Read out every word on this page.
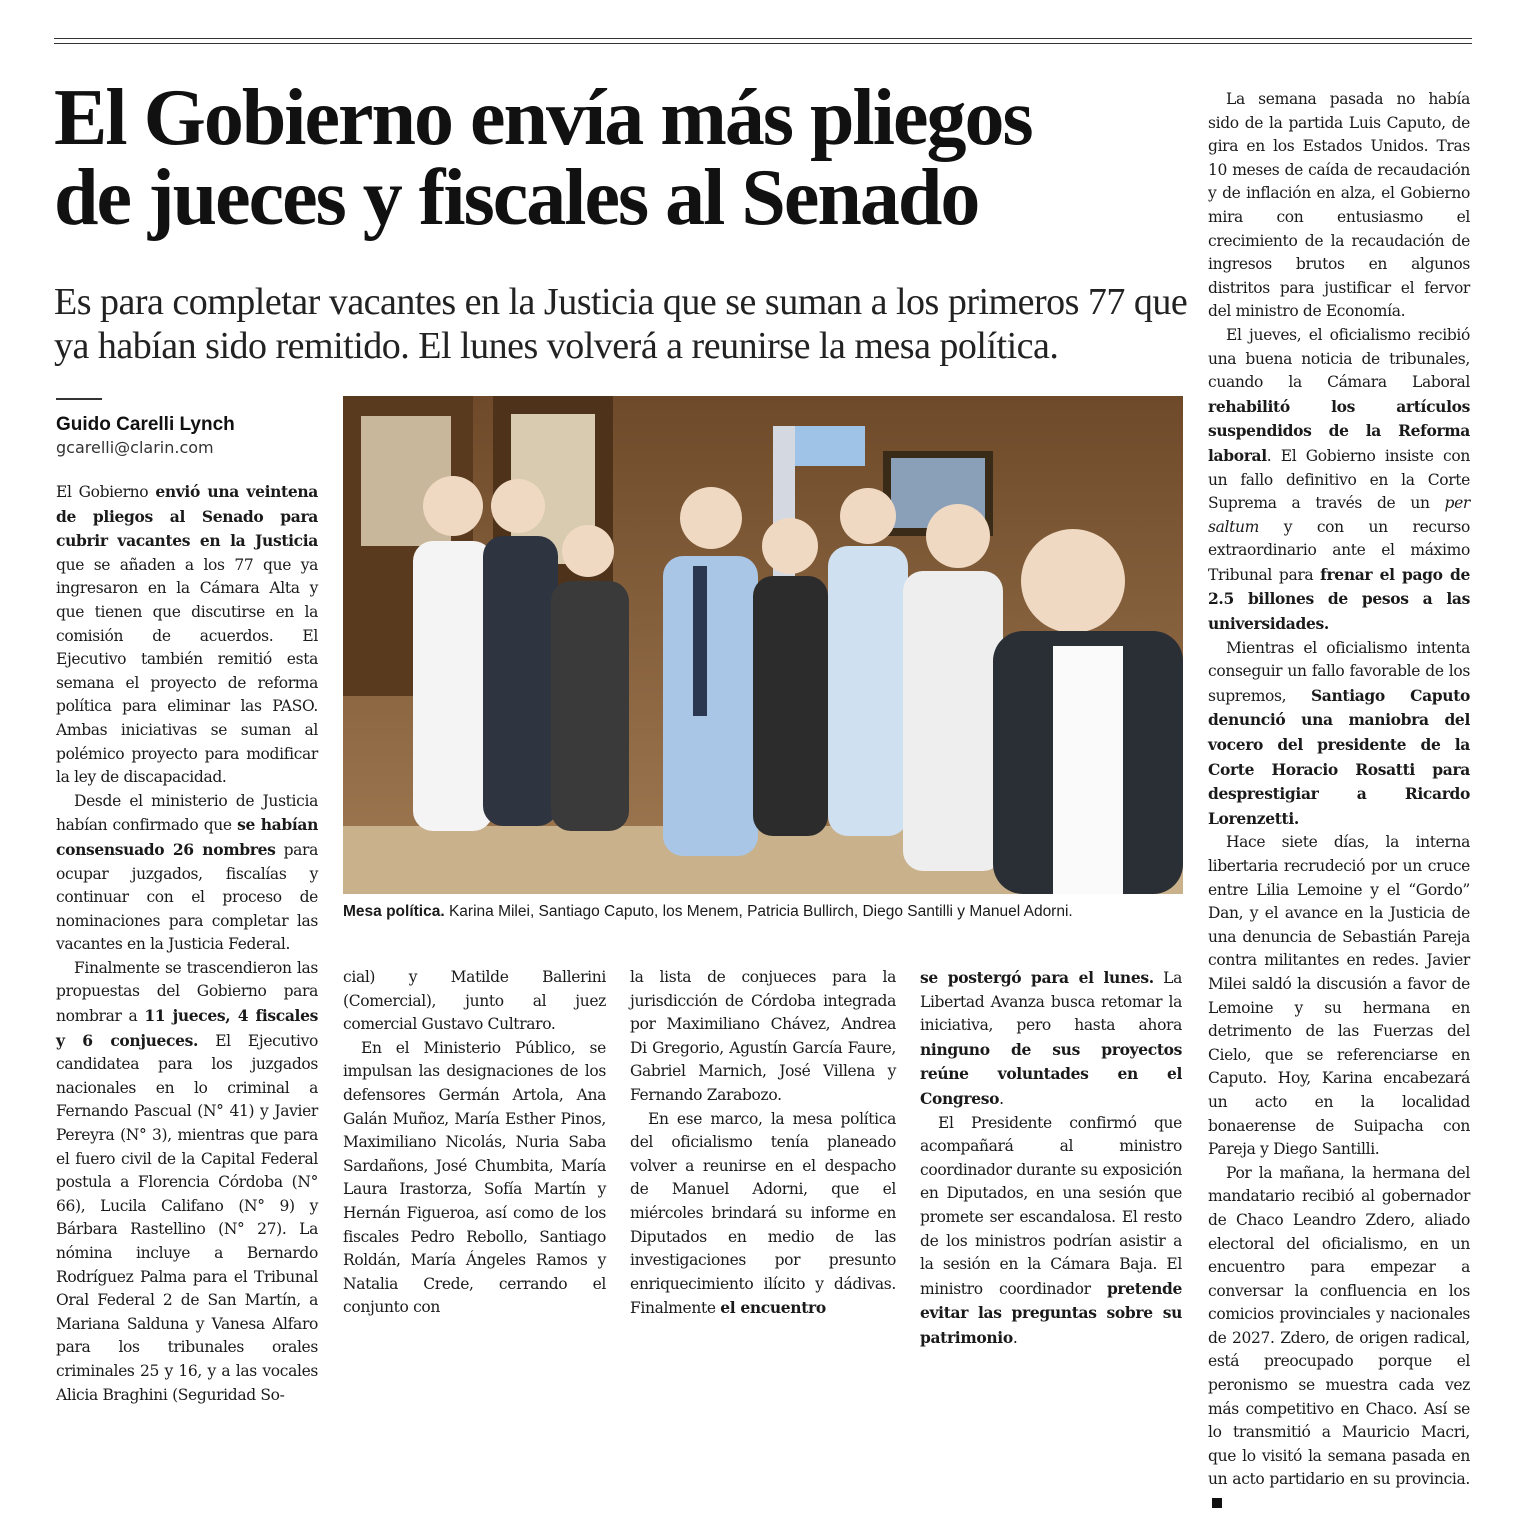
El Gobierno envía más pliegos
de jueces y fiscales al Senado
Es para completar vacantes en la Justicia que se suman a los primeros 77 que
ya habían sido remitido. El lunes volverá a reunirse la mesa política.
Guido Carelli Lynch
gcarelli@clarin.com

El Gobierno envió una veintena de pliegos al Senado para cubrir vacantes en la Justicia que se añaden a los 77 que ya ingresaron en la Cámara Alta y que tienen que discutirse en la comisión de acuerdos. El Ejecutivo también remitió esta semana el proyecto de reforma política para eliminar las PASO. Ambas iniciativas se suman al polémico proyecto para modificar la ley de discapacidad.

Desde el ministerio de Justicia habían confirmado que se habían consensuado 26 nombres para ocupar juzgados, fiscalías y continuar con el proceso de nominaciones para completar las vacantes en la Justicia Federal.

Finalmente se trascendieron las propuestas del Gobierno para nombrar a 11 jueces, 4 fiscales y 6 conjueces. El Ejecutivo candidatea para los juzgados nacionales en lo criminal a Fernando Pascual (N° 41) y Javier Pereyra (N° 3), mientras que para el fuero civil de la Capital Federal postula a Florencia Córdoba (N° 66), Lucila Califano (N° 9) y Bárbara Rastellino (N° 27). La nómina incluye a Bernardo Rodríguez Palma para el Tribunal Oral Federal 2 de San Martín, a Mariana Salduna y Vanesa Alfaro para los tribunales orales criminales 25 y 16, y a las vocales Alicia Braghini (Seguridad So-

Mesa política. Karina Milei, Santiago Caputo, los Menem, Patricia Bullirch, Diego Santilli y Manuel Adorni.

cial) y Matilde Ballerini (Comercial), junto al juez comercial Gustavo Cultraro.

En el Ministerio Público, se impulsan las designaciones de los defensores Germán Artola, Ana Galán Muñoz, María Esther Pinos, Maximiliano Nicolás, Nuria Saba Sardañons, José Chumbita, María Laura Irastorza, Sofía Martín y Hernán Figueroa, así como de los fiscales Pedro Rebollo, Santiago Roldán, María Ángeles Ramos y Natalia Crede, cerrando el conjunto con

la lista de conjueces para la jurisdicción de Córdoba integrada por Maximiliano Chávez, Andrea Di Gregorio, Agustín García Faure, Gabriel Marnich, José Villena y Fernando Zarabozo.

En ese marco, la mesa política del oficialismo tenía planeado volver a reunirse en el despacho de Manuel Adorni, que el miércoles brindará su informe en Diputados en medio de las investigaciones por presunto enriquecimiento ilícito y dádivas. Finalmente el encuentro

se postergó para el lunes. La Libertad Avanza busca retomar la iniciativa, pero hasta ahora ninguno de sus proyectos reúne voluntades en el Congreso.

El Presidente confirmó que acompañará al ministro coordinador durante su exposición en Diputados, en una sesión que promete ser escandalosa. El resto de los ministros podrían asistir a la sesión en la Cámara Baja. El ministro coordinador pretende evitar las preguntas sobre su patrimonio.

La semana pasada no había sido de la partida Luis Caputo, de gira en los Estados Unidos. Tras 10 meses de caída de recaudación y de inflación en alza, el Gobierno mira con entusiasmo el crecimiento de la recaudación de ingresos brutos en algunos distritos para justificar el fervor del ministro de Economía.

El jueves, el oficialismo recibió una buena noticia de tribunales, cuando la Cámara Laboral rehabilitó los artículos suspendidos de la Reforma laboral. El Gobierno insiste con un fallo definitivo en la Corte Suprema a través de un per saltum y con un recurso extraordinario ante el máximo Tribunal para frenar el pago de 2.5 billones de pesos a las universidades.

Mientras el oficialismo intenta conseguir un fallo favorable de los supremos, Santiago Caputo denunció una maniobra del vocero del presidente de la Corte Horacio Rosatti para desprestigiar a Ricardo Lorenzetti.

Hace siete días, la interna libertaria recrudeció por un cruce entre Lilia Lemoine y el “Gordo” Dan, y el avance en la Justicia de una denuncia de Sebastián Pareja contra militantes en redes. Javier Milei saldó la discusión a favor de Lemoine y su hermana en detrimento de las Fuerzas del Cielo, que se referenciarse en Caputo. Hoy, Karina encabezará un acto en la localidad bonaerense de Suipacha con Pareja y Diego Santilli.

Por la mañana, la hermana del mandatario recibió al gobernador de Chaco Leandro Zdero, aliado electoral del oficialismo, en un encuentro para empezar a conversar la confluencia en los comicios provinciales y nacionales de 2027. Zdero, de origen radical, está preocupado porque el peronismo se muestra cada vez más competitivo en Chaco. Así se lo transmitió a Mauricio Macri, que lo visitó la semana pasada en un acto partidario en su provincia.
